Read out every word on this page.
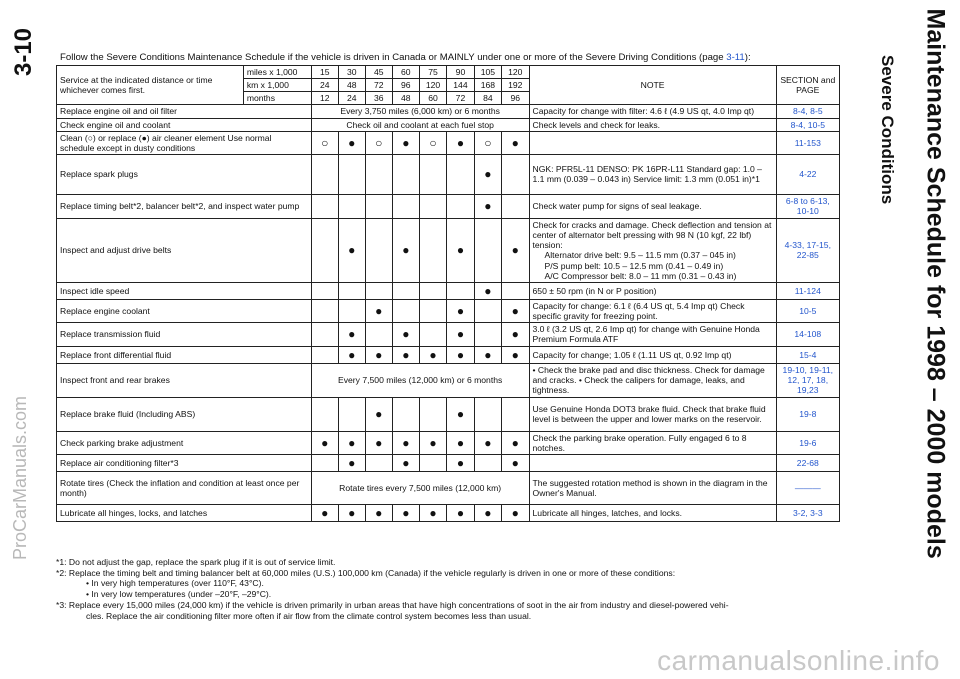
3-10	Maintenance Schedule for 1998 – 2000 models
Severe Conditions
ProCarManuals.com
carmanualsonline.info
Follow the Severe Conditions Maintenance Schedule if the vehicle is driven in Canada or MAINLY under one or more of the Severe Driving Conditions (page 3-11):
Service at the indicated distance or time whichever comes first.	miles x 1,000	15	30	45	60	75	90	105	120	NOTE	SECTION and PAGE
	km x 1,000	24	48	72	96	120	144	168	192		
	months	12	24	36	48	60	72	84	96		
Replace engine oil and oil filter		Every 3,750 miles (6,000 km) or 6 months								Capacity for change with filter: 4.6 ℓ (4.9 US qt, 4.0 Imp qt)	8-4, 8-5
Check engine oil and coolant		Check oil and coolant at each fuel stop								Check levels and check for leaks.	8-4, 10-5
Clean (○) or replace (●) air cleaner element Use normal schedule except in dusty conditions		○	●	○	●	○	●	○	●		11-153
Replace spark plugs								●		NGK: PFR5L-11 DENSO: PK 16PR-L11 Standard gap: 1.0 – 1.1 mm (0.039 – 0.043 in) Service limit: 1.3 mm (0.051 in)*1	4-22
Replace timing belt*2, balancer belt*2, and inspect water pump								●		Check water pump for signs of seal leakage.	6-8 to 6-13, 10-10
Inspect and adjust drive belts			●		●		●		●	Check for cracks and damage. Check deflection and tension at center of alternator belt pressing with 98 N (10 kgf, 22 lbf) tension:
Alternator drive belt: 9.5 – 11.5 mm (0.37 – 045 in)
P/S pump belt: 10.5 – 12.5 mm (0.41 – 0.49 in)
A/C Compressor belt: 8.0 – 11 mm (0.31 – 0.43 in)	4-33, 17-15, 22-85
Inspect idle speed								●		650 ± 50 rpm (in N or P position)	11-124
Replace engine coolant				●			●		●	Capacity for change: 6.1 ℓ (6.4 US qt, 5.4 Imp qt) Check specific gravity for freezing point.	10-5
Replace transmission fluid			●		●		●		●	3.0 ℓ (3.2 US qt, 2.6 Imp qt) for change with Genuine Honda Premium Formula ATF	14-108
Replace front differential fluid			●	●	●	●	●	●	●	Capacity for change; 1.05 ℓ (1.11 US qt, 0.92 Imp qt)	15-4
Inspect front and rear brakes		Every 7,500 miles (12,000 km) or 6 months								• Check the brake pad and disc thickness. Check for damage and cracks. • Check the calipers for damage, leaks, and tightness.	19-10, 19-11, 12, 17, 18, 19,23
Replace brake fluid (Including ABS)				●			●			Use Genuine Honda DOT3 brake fluid. Check that brake fluid level is between the upper and lower marks on the reservoir.	19-8
Check parking brake adjustment		●	●	●	●	●	●	●	●	Check the parking brake operation. Fully engaged 6 to 8 notches.	19-6
Replace air conditioning filter*3			●		●		●		●		22-68
Rotate tires (Check the inflation and condition at least once per month)		Rotate tires every 7,500 miles (12,000 km)								The suggested rotation method is shown in the diagram in the Owner's Manual.	———
Lubricate all hinges, locks, and latches		●	●	●	●	●	●	●	●	Lubricate all hinges, latches, and locks.	3-2, 3-3
*1: Do not adjust the gap, replace the spark plug if it is out of service limit.
*2: Replace the timing belt and timing balancer belt at 60,000 miles (U.S.) 100,000 km (Canada) if the vehicle regularly is driven in one or more of these conditions:
• In very high temperatures (over 110°F, 43°C).
• In very low temperatures (under –20°F, –29°C).
*3: Replace every 15,000 miles (24,000 km) if the vehicle is driven primarily in urban areas that have high concentrations of soot in the air from industry and diesel-powered vehi-
cles. Replace the air conditioning filter more often if air flow from the climate control system becomes less than usual.
